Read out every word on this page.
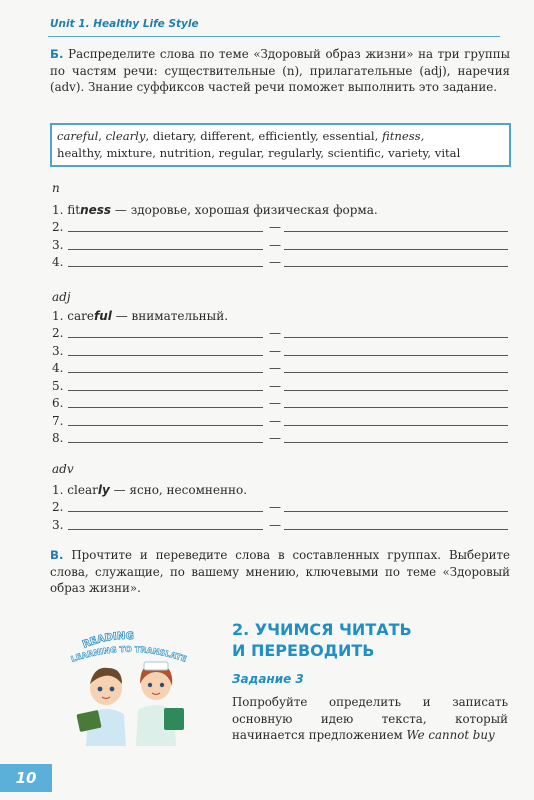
Unit 1. Healthy Life Style
Б. Распределите слова по теме «Здоровый образ жизни» на три группы по частям речи: существительные (n), прилагательные (adj), наречия (adv). Знание суффиксов частей речи поможет выполнить это задание.
careful, clearly, dietary, different, efficiently, essential, fitness,
healthy, mixture, nutrition, regular, regularly, scientific, variety, vital
n
1. fitness — здоровье, хорошая физическая форма.
2.	—
3.	—
4.	—
adj
1. careful — внимательный.
2.	—
3.	—
4.	—
5.	—
6.	—
7.	—
8.	—
adv
1. clearly — ясно, несомненно.
2.	—
3.	—
В. Прочтите и переведите слова в составленных группах. Выберите слова, служащие, по вашему мнению, ключевыми по теме «Здоровый образ жизни».
READING
LEARNING TO TRANSLATE
2. УЧИМСЯ ЧИТАТЬ
И ПЕРЕВОДИТЬ
Задание 3
Попробуйте определить и записать основную идею текста, который начинается предложением We cannot buy
10
